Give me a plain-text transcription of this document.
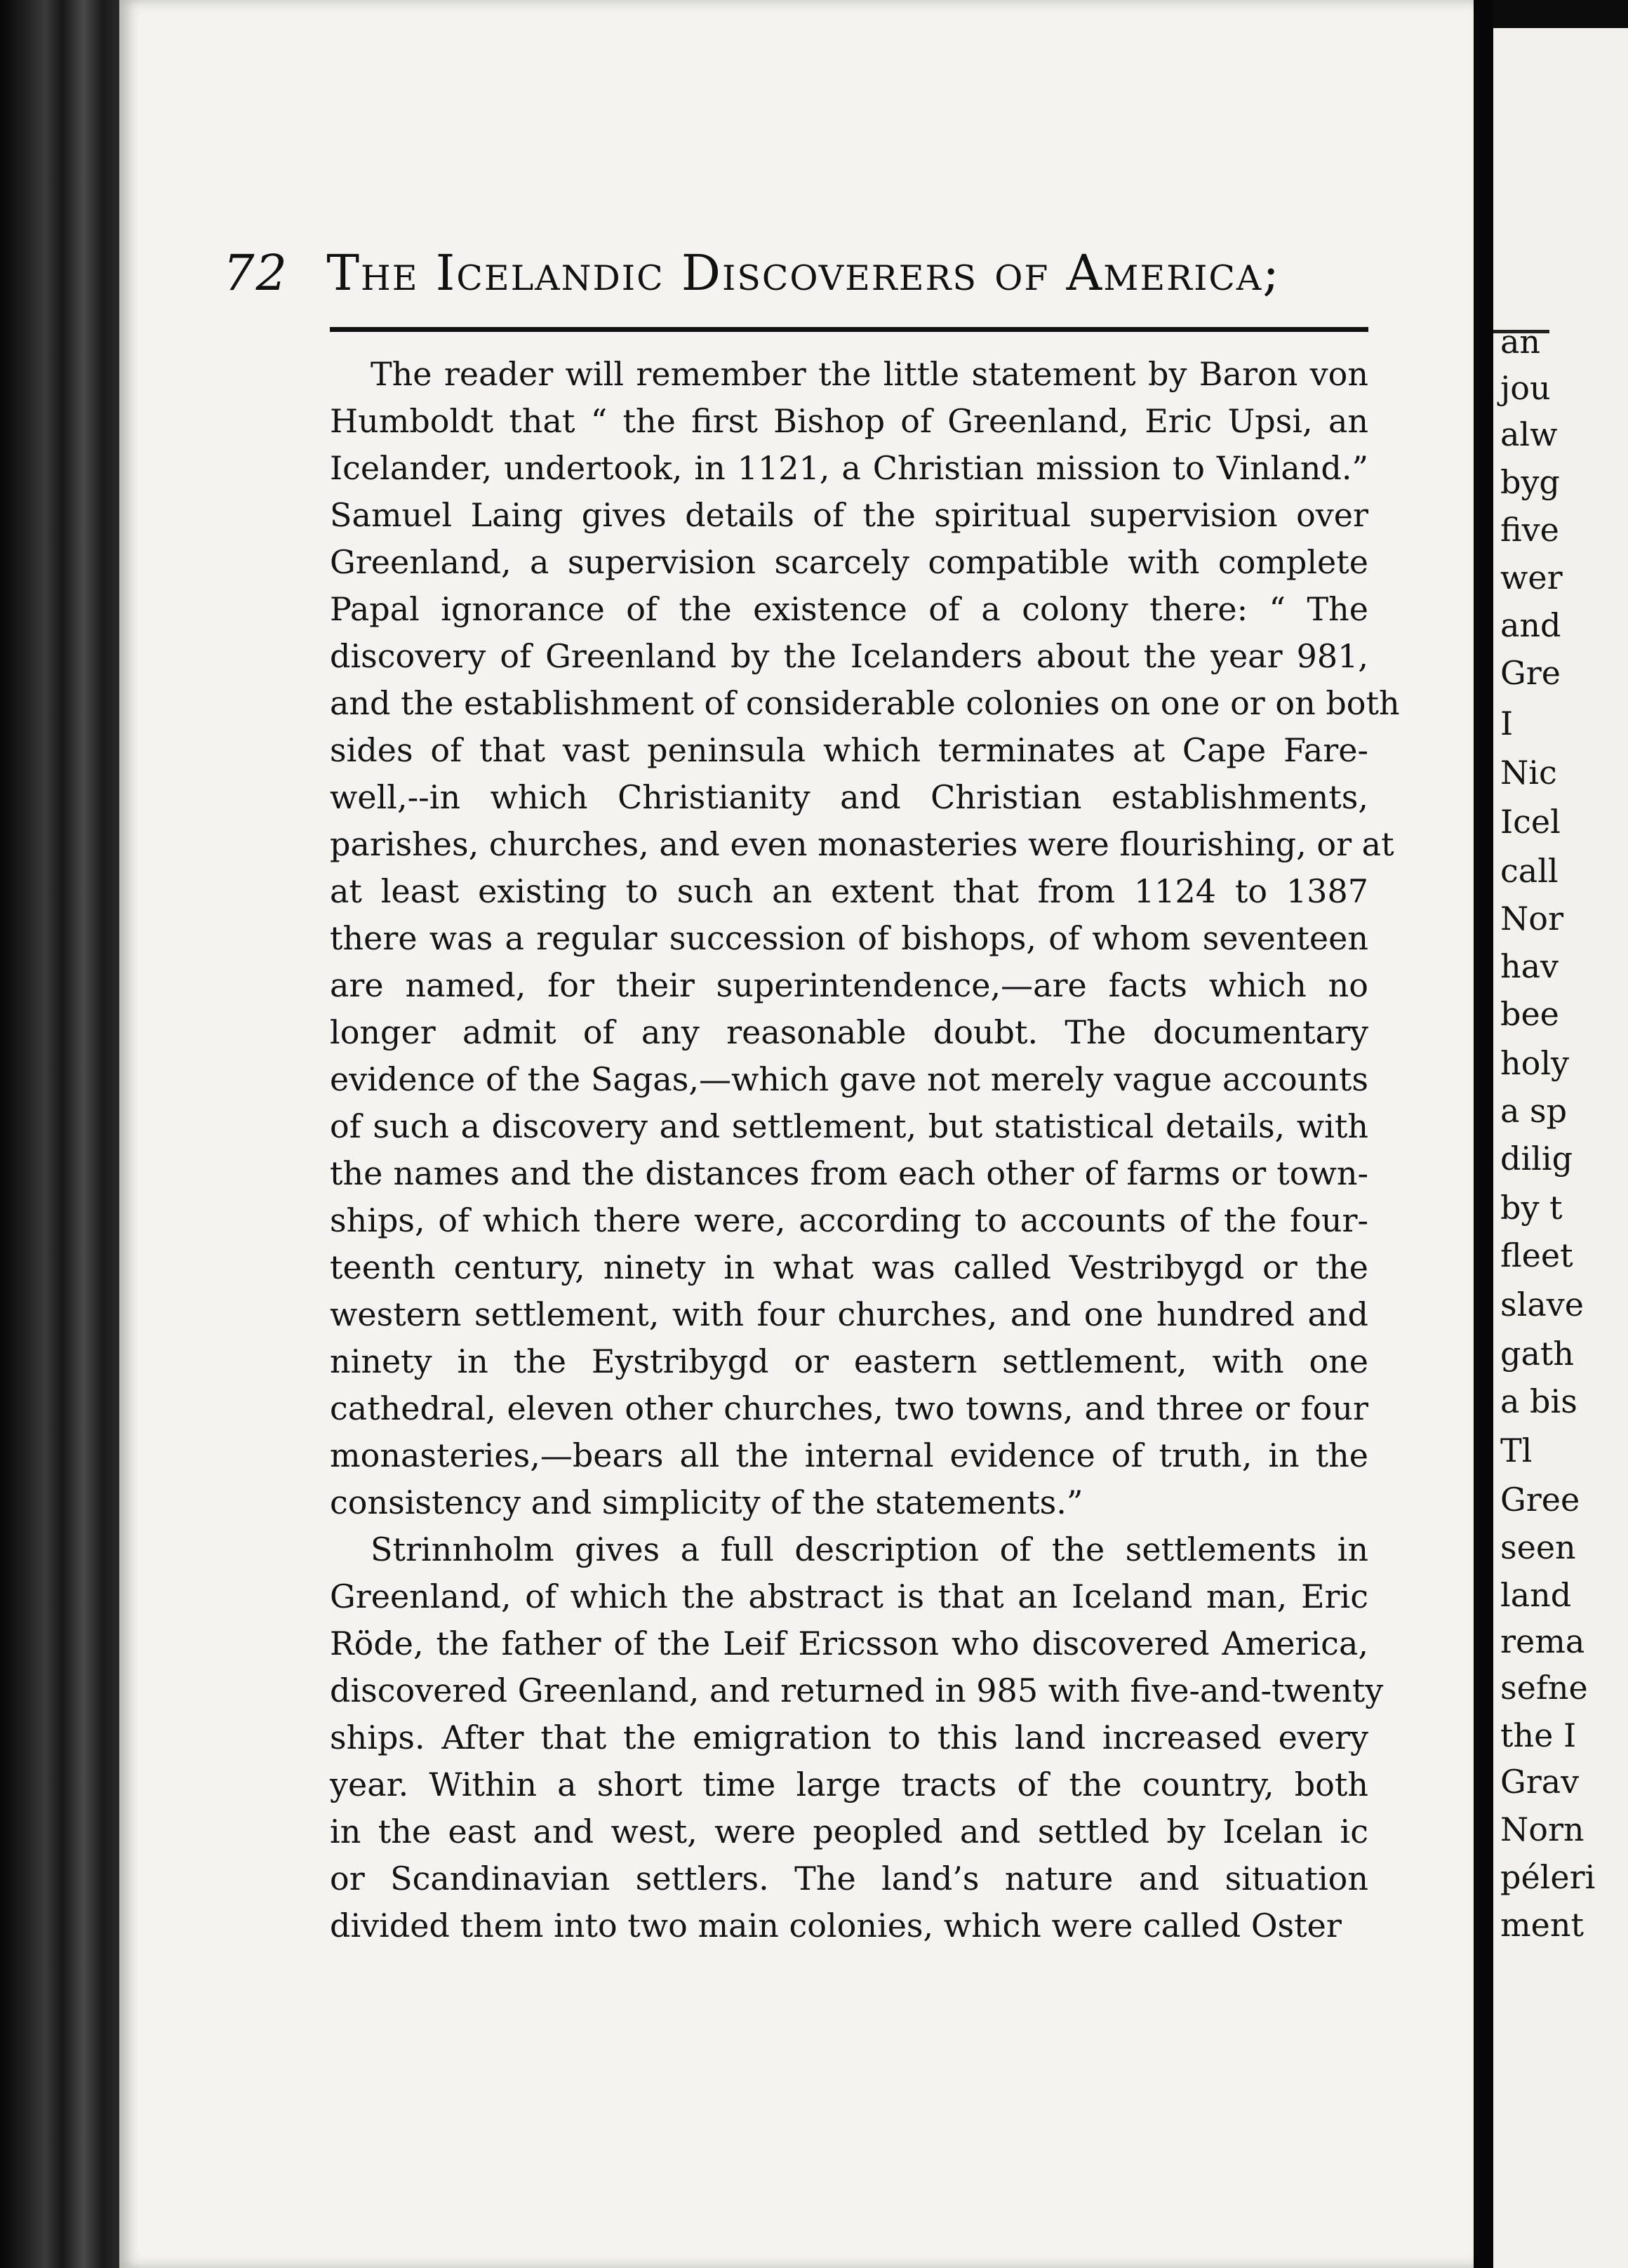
72 The Icelandic Discoverers of America;
The reader will remember the little statement by Baron von
Humboldt that “ the first Bishop of Greenland, Eric Upsi, an
Icelander, undertook, in 1121, a Christian mission to Vinland.”
Samuel Laing gives details of the spiritual supervision over
Greenland, a supervision scarcely compatible with complete
Papal ignorance of the existence of a colony there: “ The
discovery of Greenland by the Icelanders about the year 981,
and the establishment of considerable colonies on one or on both
sides of that vast peninsula which terminates at Cape Fare-
well,--in which Christianity and Christian establishments,
parishes, churches, and even monasteries were flourishing, or at
at least existing to such an extent that from 1124 to 1387
there was a regular succession of bishops, of whom seventeen
are named, for their superintendence,—are facts which no
longer admit of any reasonable doubt. The documentary
evidence of the Sagas,—which gave not merely vague accounts
of such a discovery and settlement, but statistical details, with
the names and the distances from each other of farms or town-
ships, of which there were, according to accounts of the four-
teenth century, ninety in what was called Vestribygd or the
western settlement, with four churches, and one hundred and
ninety in the Eystribygd or eastern settlement, with one
cathedral, eleven other churches, two towns, and three or four
monasteries,—bears all the internal evidence of truth, in the
consistency and simplicity of the statements.”
Strinnholm gives a full description of the settlements in
Greenland, of which the abstract is that an Iceland man, Eric
Röde, the father of the Leif Ericsson who discovered America,
discovered Greenland, and returned in 985 with five-and-twenty
ships. After that the emigration to this land increased every
year. Within a short time large tracts of the country, both
in the east and west, were peopled and settled by Icelan ic
or Scandinavian settlers. The land’s nature and situation
divided them into two main colonies, which were called Oster
an
jou
alw
byg
five
wer
and
Gre
I
Nic
Icel
call
Nor
hav
bee
holy
a sp
dilig
by t
fleet
slave
gath
a bis
Tl
Gree
seen
land
rema
sefne
the I
Grav
Norn
péleri
ment
